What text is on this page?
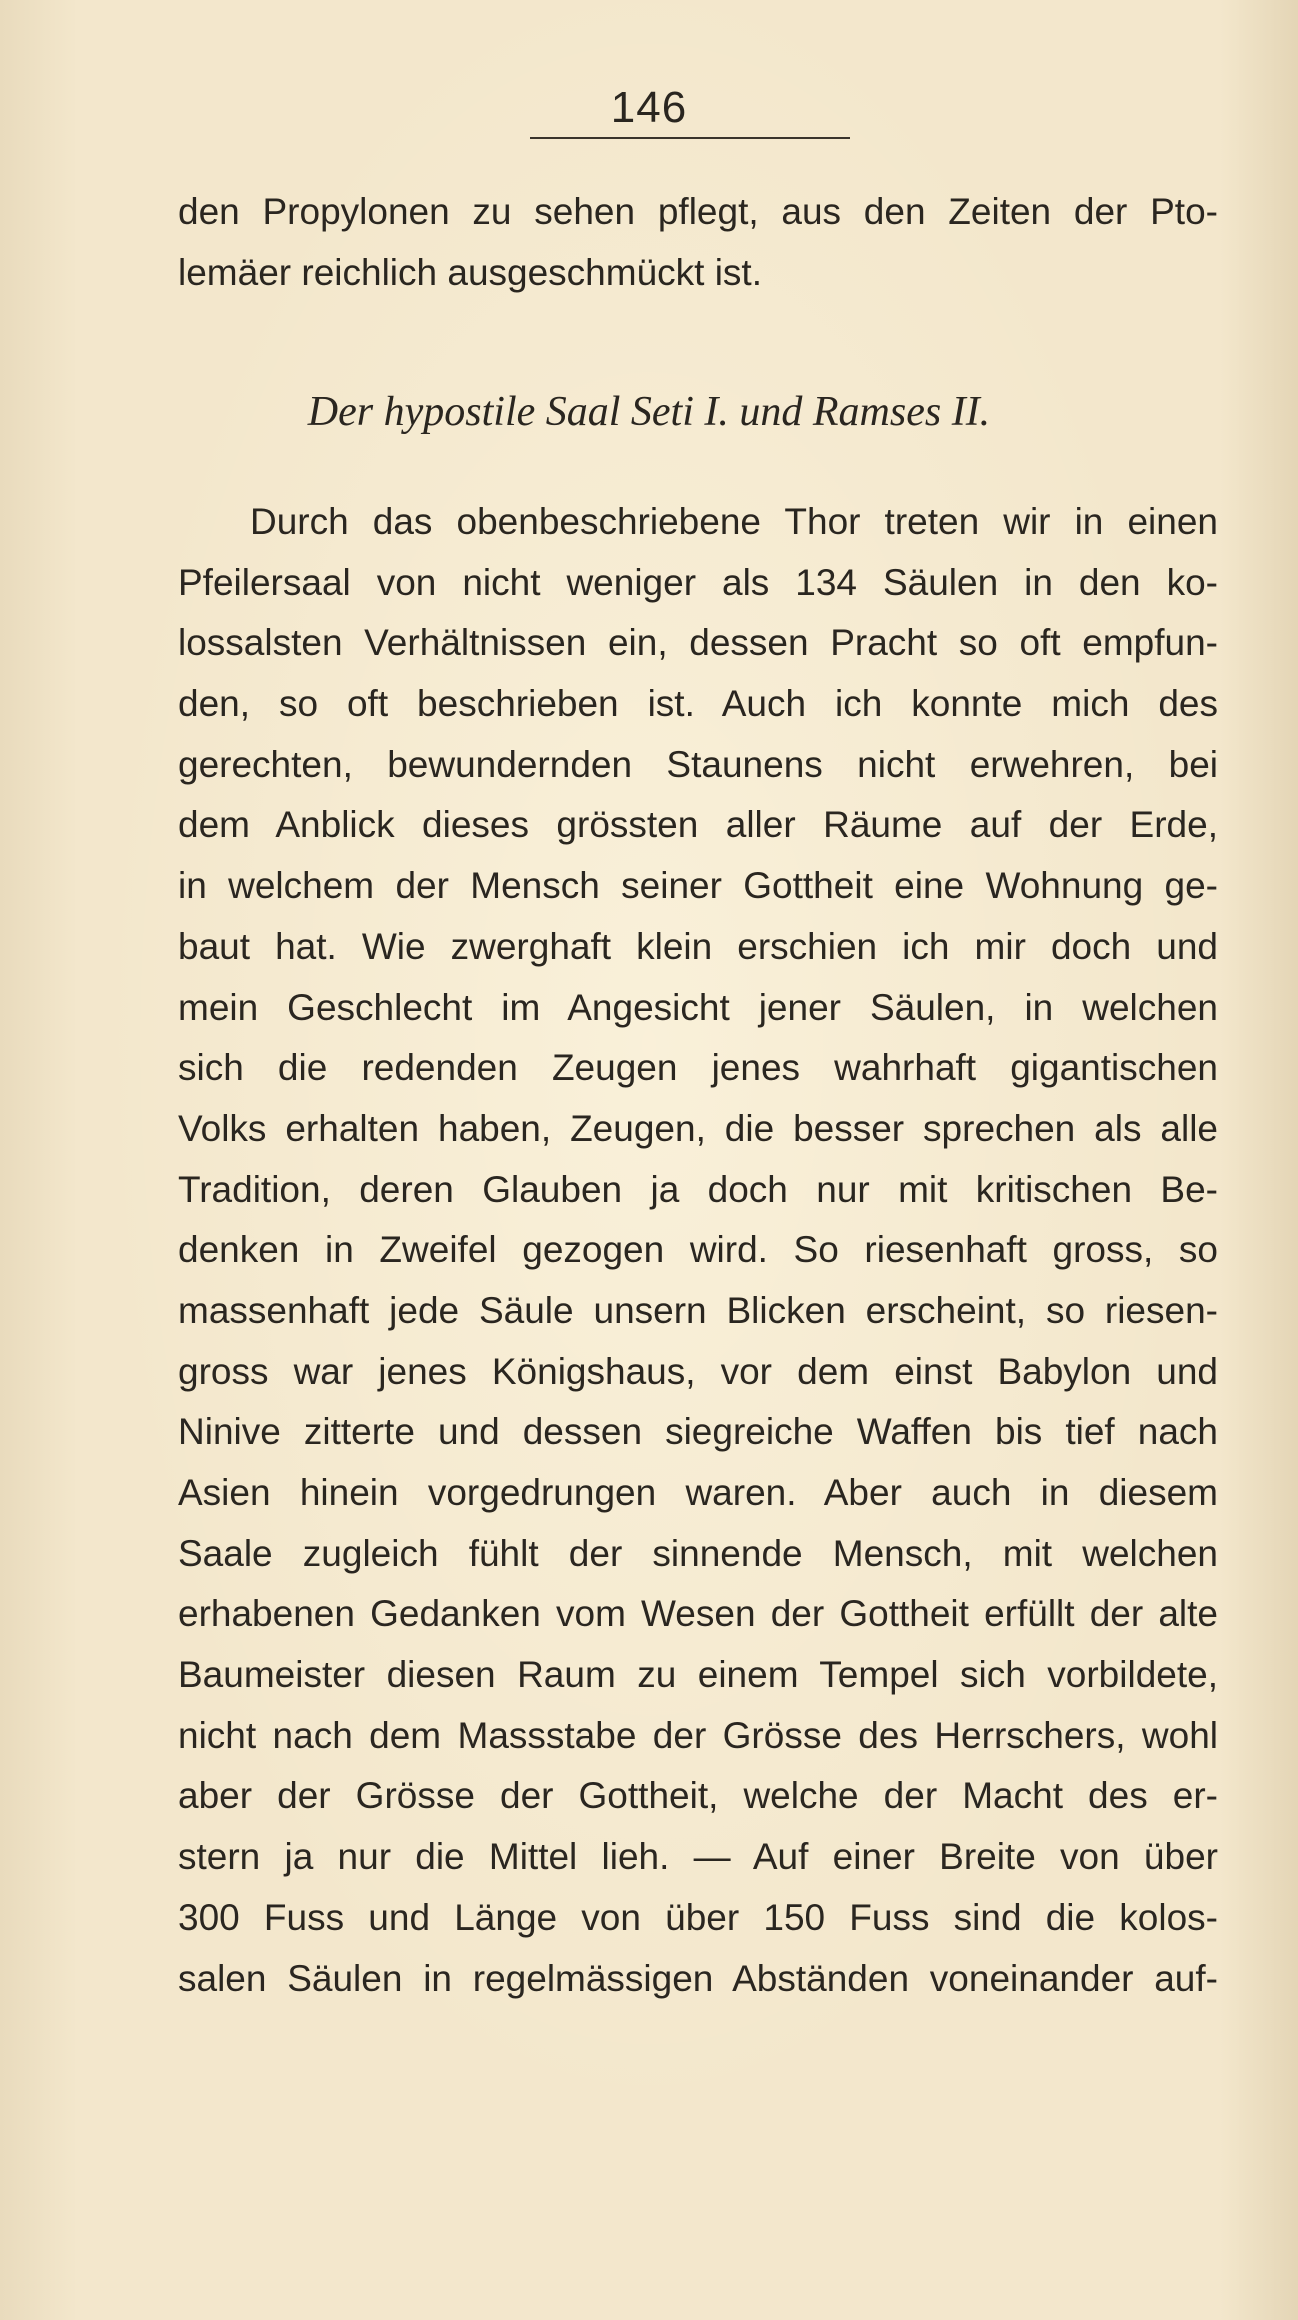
146
den Propylonen zu sehen pflegt, aus den Zeiten der Pto-
lemäer reichlich ausgeschmückt ist.
Der hypostile Saal Seti I. und Ramses II.
Durch das obenbeschriebene Thor treten wir in einen
Pfeilersaal von nicht weniger als 134 Säulen in den ko-
lossalsten Verhältnissen ein, dessen Pracht so oft empfun-
den, so oft beschrieben ist. Auch ich konnte mich des
gerechten, bewundernden Staunens nicht erwehren, bei
dem Anblick dieses grössten aller Räume auf der Erde,
in welchem der Mensch seiner Gottheit eine Wohnung ge-
baut hat. Wie zwerghaft klein erschien ich mir doch und
mein Geschlecht im Angesicht jener Säulen, in welchen
sich die redenden Zeugen jenes wahrhaft gigantischen
Volks erhalten haben, Zeugen, die besser sprechen als alle
Tradition, deren Glauben ja doch nur mit kritischen Be-
denken in Zweifel gezogen wird. So riesenhaft gross, so
massenhaft jede Säule unsern Blicken erscheint, so riesen-
gross war jenes Königshaus, vor dem einst Babylon und
Ninive zitterte und dessen siegreiche Waffen bis tief nach
Asien hinein vorgedrungen waren. Aber auch in diesem
Saale zugleich fühlt der sinnende Mensch, mit welchen
erhabenen Gedanken vom Wesen der Gottheit erfüllt der alte
Baumeister diesen Raum zu einem Tempel sich vorbildete,
nicht nach dem Massstabe der Grösse des Herrschers, wohl
aber der Grösse der Gottheit, welche der Macht des er-
stern ja nur die Mittel lieh. — Auf einer Breite von über
300 Fuss und Länge von über 150 Fuss sind die kolos-
salen Säulen in regelmässigen Abständen voneinander auf-
